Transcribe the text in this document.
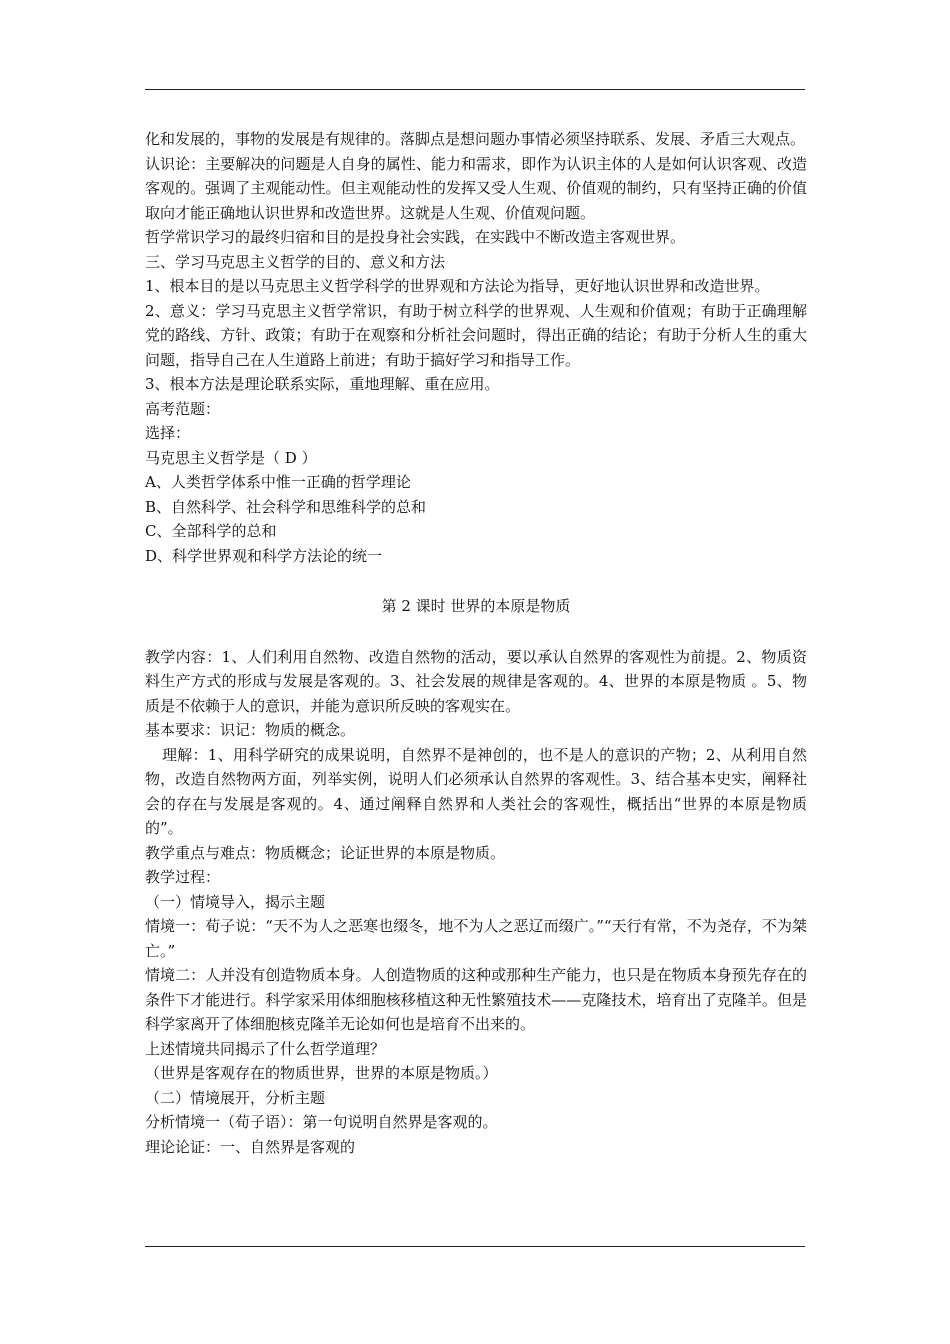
化和发展的，事物的发展是有规律的。落脚点是想问题办事情必须坚持联系、发展、矛盾三大观点。

认识论：主要解决的问题是人自身的属性、能力和需求，即作为认识主体的人是如何认识客观、改造客观的。强调了主观能动性。但主观能动性的发挥又受人生观、价值观的制约，只有坚持正确的价值取向才能正确地认识世界和改造世界。这就是人生观、价值观问题。

哲学常识学习的最终归宿和目的是投身社会实践，在实践中不断改造主客观世界。

三、学习马克思主义哲学的目的、意义和方法

1、根本目的是以马克思主义哲学科学的世界观和方法论为指导，更好地认识世界和改造世界。

2、意义：学习马克思主义哲学常识，有助于树立科学的世界观、人生观和价值观；有助于正确理解党的路线、方针、政策；有助于在观察和分析社会问题时，得出正确的结论；有助于分析人生的重大问题，指导自己在人生道路上前进；有助于搞好学习和指导工作。

3、根本方法是理论联系实际，重地理解、重在应用。

高考范题：

选择：

马克思主义哲学是（ D ）

A、人类哲学体系中惟一正确的哲学理论

B、自然科学、社会科学和思维科学的总和

C、全部科学的总和

D、科学世界观和科学方法论的统一

第 2 课时 世界的本原是物质

教学内容：1、人们利用自然物、改造自然物的活动，要以承认自然界的客观性为前提。2、物质资料生产方式的形成与发展是客观的。3、社会发展的规律是客观的。4、世界的本原是物质 。5、物质是不依赖于人的意识，并能为意识所反映的客观实在。

基本要求：识记：物质的概念。

理解：1、用科学研究的成果说明，自然界不是神创的，也不是人的意识的产物；2、从利用自然物，改造自然物两方面，列举实例，说明人们必须承认自然界的客观性。3、结合基本史实，阐释社会的存在与发展是客观的。4、通过阐释自然界和人类社会的客观性，概括出“世界的本原是物质的”。

教学重点与难点：物质概念；论证世界的本原是物质。

教学过程：

（一）情境导入，揭示主题

情境一：荀子说：“天不为人之恶寒也缀冬，地不为人之恶辽而缀广。”“天行有常，不为尧存，不为桀亡。”

情境二：人并没有创造物质本身。人创造物质的这种或那种生产能力，也只是在物质本身预先存在的条件下才能进行。科学家采用体细胞核移植这种无性繁殖技术——克隆技术，培育出了克隆羊。但是科学家离开了体细胞核克隆羊无论如何也是培育不出来的。

上述情境共同揭示了什么哲学道理？

（世界是客观存在的物质世界，世界的本原是物质。）

（二）情境展开，分析主题

分析情境一（荀子语）：第一句说明自然界是客观的。

理论论证：一、自然界是客观的
